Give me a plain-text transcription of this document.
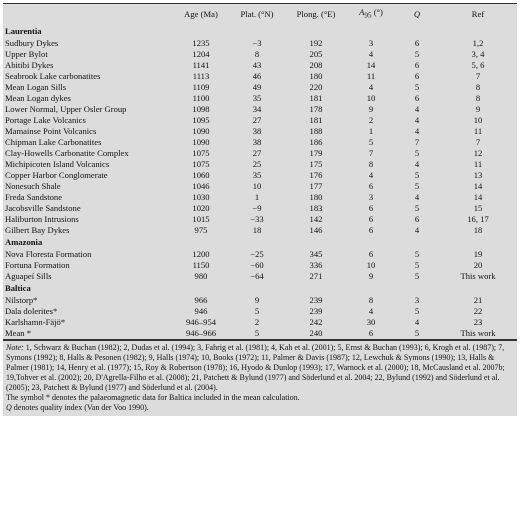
	Age (Ma)	Plat. (°N)	Plong. (°E)	$A_{95}$ (°)	Q	Ref
Laurentia						
Sudbury Dykes	1235	−3	192	3	6	1,2
Upper Bylot	1204	8	205	4	5	3, 4
Abitibi Dykes	1141	43	208	14	6	5, 6
Seabrook Lake carbonatites	1113	46	180	11	6	7
Mean Logan Sills	1109	49	220	4	5	8
Mean Logan dykes	1100	35	181	10	6	8
Lower Normal, Upper Osler Group	1098	34	178	9	4	9
Portage Lake Volcanics	1095	27	181	2	4	10
Mamainse Point Volcanics	1090	38	188	1	4	11
Chipman Lake Carbonatites	1090	38	186	5	7	7
Clay-Howells Carbonatite Complex	1075	27	179	7	5	12
Michipicoten Island Volcanics	1075	25	175	8	4	11
Copper Harbor Conglomerate	1060	35	176	4	5	13
Nonesuch Shale	1046	10	177	6	5	14
Freda Sandstone	1030	1	180	3	4	14
Jacobsville Sandstone	1020	−9	183	6	5	15
Haliburton Intrusions	1015	−33	142	6	6	16, 17
Gilbert Bay Dykes	975	18	146	6	4	18
Amazonia						
Nova Floresta Formation	1200	−25	345	6	5	19
Fortuna Formation	1150	−60	336	10	5	20
Aguapeí Sills	980	−64	271	9	5	This work
Baltica						
Nilstorp*	966	9	239	8	3	21
Dala dolerites*	946	5	239	4	5	22
Karlshamn-Fäjö*	946–954	2	242	30	4	23
Mean *	946–966	5	240	6	5	This work

Note: 1, Schwarz & Buchan (1982); 2, Dudas et al. (1994); 3, Fahrig et al. (1981); 4, Kah et al. (2001); 5, Ernst & Buchan (1993); 6, Krogh et al. (1987); 7, Symons (1992); 8, Halls & Pesonen (1982); 9, Halls (1974); 10, Books (1972); 11, Palmer & Davis (1987); 12, Lewchuk & Symons (1990); 13, Halls & Palmer (1981); 14, Henry et al. (1977); 15, Roy & Robertson (1978); 16, Hyodo & Dunlop (1993); 17, Warnock et al. (2000); 18, McCausland et al. 2007b; 19,Tohver et al. (2002); 20, D'Agrella-Filho et al. (2008); 21, Patchett & Bylund (1977) and Söderlund et al. 2004; 22, Bylund (1992) and Söderlund et al. (2005); 23, Patchett & Bylund (1977) and Söderlund et al. (2004).

The symbol * denotes the palaeomagnetic data for Baltica included in the mean calculation.

Q denotes quality index (Van der Voo 1990).
